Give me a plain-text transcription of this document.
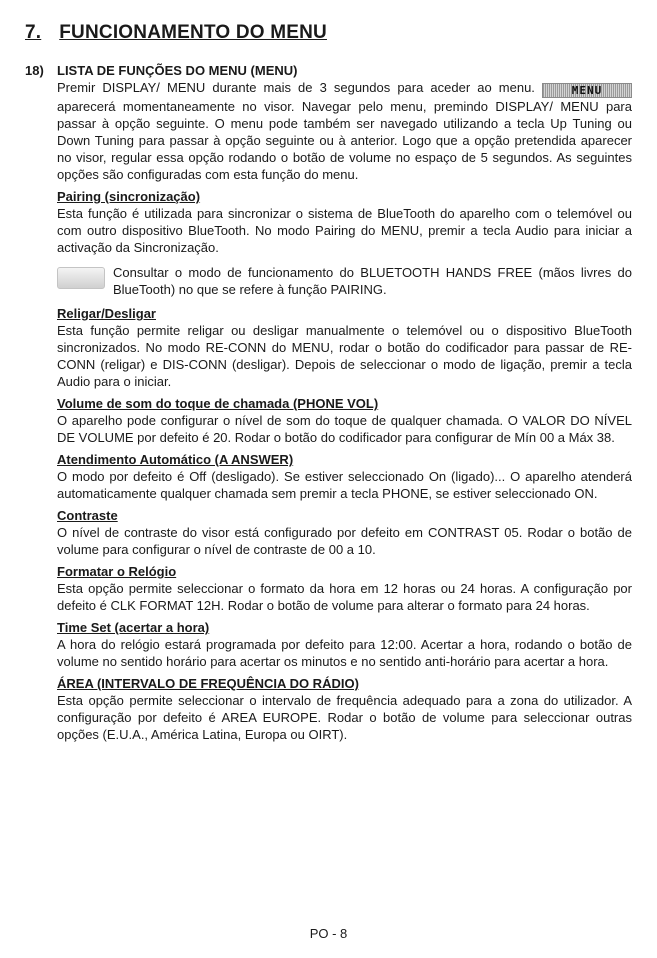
7. FUNCIONAMENTO DO MENU
18) LISTA DE FUNÇÕES DO MENU (MENU)

Premir DISPLAY/ MENU durante mais de 3 segundos para aceder ao menu.	MENU aparecerá momentaneamente no visor. Navegar pelo menu, premindo DISPLAY/ MENU para passar à opção seguinte. O menu pode também ser navegado utilizando a tecla Up Tuning ou Down Tuning para passar à opção seguinte ou à anterior. Logo que a opção pretendida aparecer no visor, regular essa opção rodando o botão de volume no espaço de 5 segundos. As seguintes opções são configuradas com esta função do menu.

Pairing (sincronização)

Esta função é utilizada para sincronizar o sistema de BlueTooth do aparelho com o telemóvel ou com outro dispositivo BlueTooth. No modo Pairing do MENU, premir a tecla Audio para iniciar a activação da Sincronização.

Consultar o modo de funcionamento do BLUETOOTH HANDS FREE (mãos livres do BlueTooth) no que se refere à função PAIRING.
Religar/Desligar

Esta função permite religar ou desligar manualmente o telemóvel ou o dispositivo BlueTooth sincronizados. No modo RE-CONN do MENU, rodar o botão do codificador para passar de RE-CONN (religar) e DIS-CONN (desligar). Depois de seleccionar o modo de ligação, premir a tecla Audio para o iniciar.

Volume de som do toque de chamada (PHONE VOL)

O aparelho pode configurar o nível de som do toque de qualquer chamada. O VALOR DO NÍVEL DE VOLUME por defeito é 20. Rodar o botão do codificador para configurar de Mín 00 a Máx 38.

Atendimento Automático (A ANSWER)

O modo por defeito é Off (desligado). Se estiver seleccionado On (ligado)... O aparelho atenderá automaticamente qualquer chamada sem premir a tecla PHONE, se estiver seleccionado ON.

Contraste

O nível de contraste do visor está configurado por defeito em CONTRAST 05. Rodar o botão de volume para configurar o nível de contraste de 00 a 10.

Formatar o Relógio

Esta opção permite seleccionar o formato da hora em 12 horas ou 24 horas. A configuração por defeito é CLK FORMAT 12H. Rodar o botão de volume para alterar o formato para 24 horas.

Time Set (acertar a hora)

A hora do relógio estará programada por defeito para 12:00. Acertar a hora, rodando o botão de volume no sentido horário para acertar os minutos e no sentido anti-horário para acertar a hora.

ÁREA (INTERVALO DE FREQUÊNCIA DO RÁDIO)

Esta opção permite seleccionar o intervalo de frequência adequado para a zona do utilizador. A configuração por defeito é AREA EUROPE. Rodar o botão de volume para seleccionar outras opções (E.U.A., América Latina, Europa ou OIRT).

PO - 8
